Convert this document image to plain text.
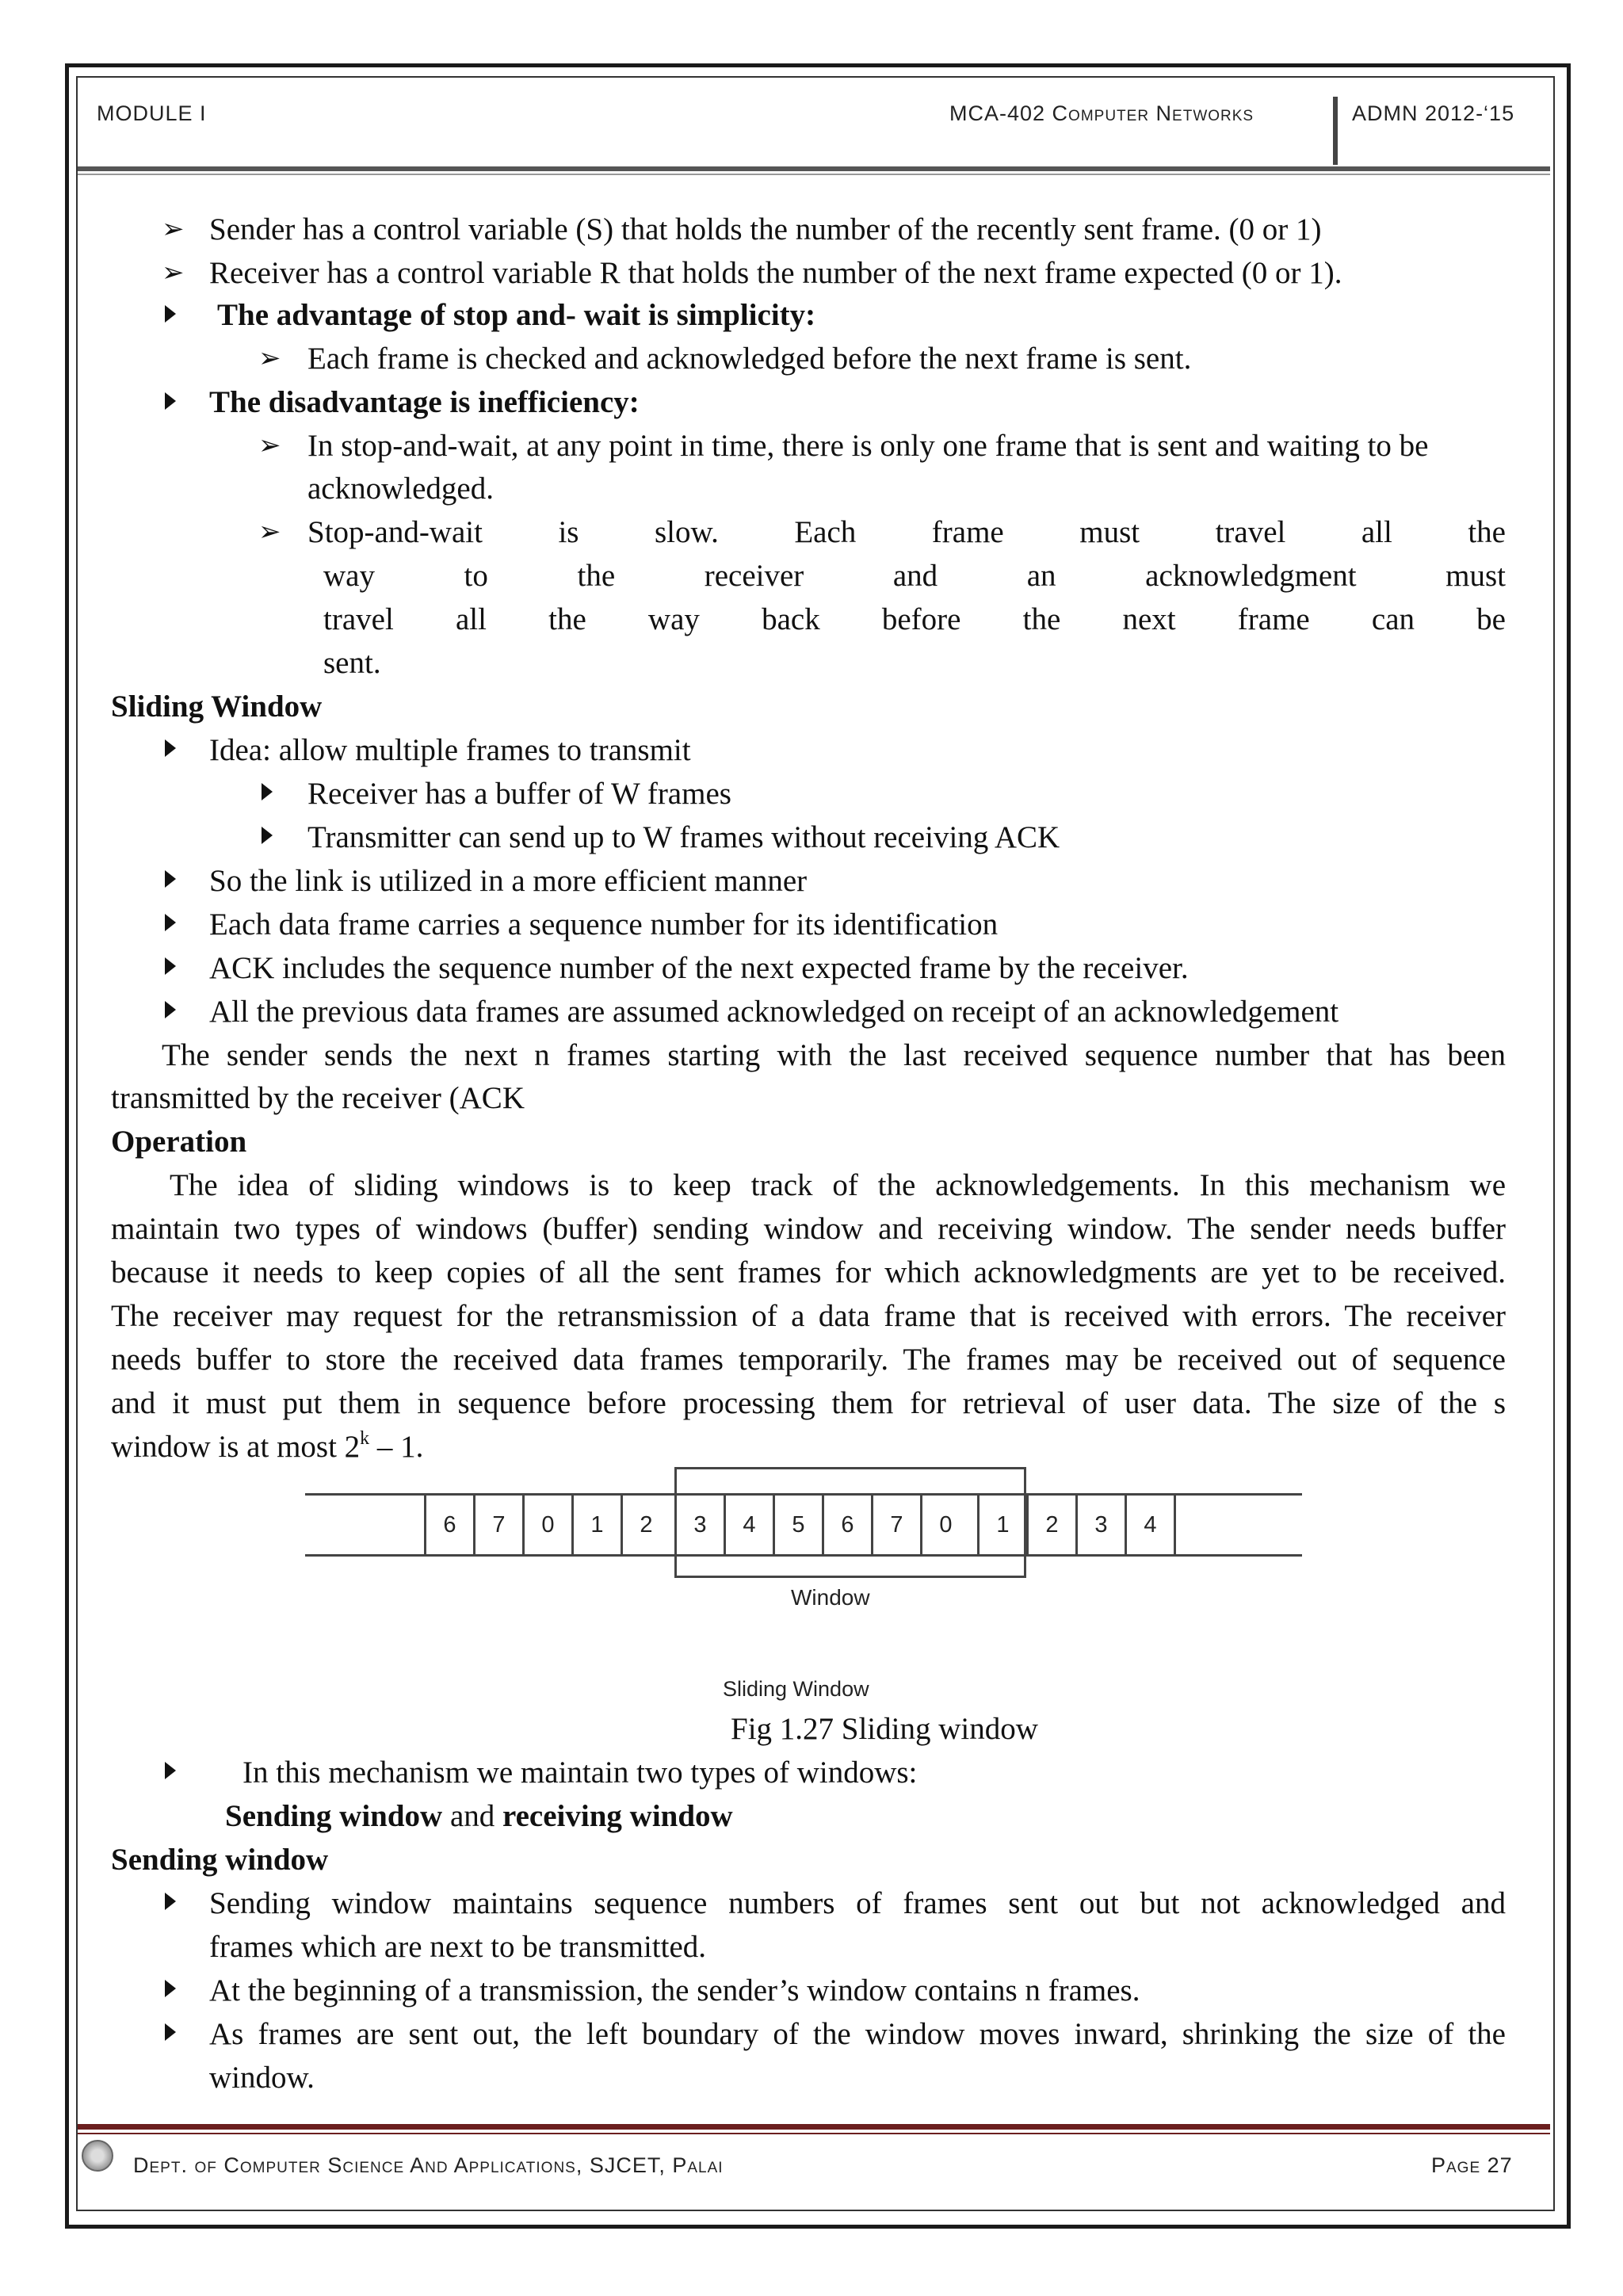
MODULE I	MCA-402 Computer Networks	ADMN 2012-‘15
➢ Sender has a control variable (S) that holds the number of the recently sent frame. (0 or 1)
➢ Receiver has a control variable R that holds the number of the next frame expected (0 or 1).
The advantage of stop and- wait is simplicity:
➢ Each frame is checked and acknowledged before the next frame is sent.
The disadvantage is inefficiency:
➢ In stop-and-wait, at any point in time, there is only one frame that is sent and waiting to be
acknowledged.
➢ Stop-and-wait is slow. Each frame must travel all the
way to the receiver and an acknowledgment must
travel all the way back before the next frame can be
sent.
Sliding Window
Idea: allow multiple frames to transmit
Receiver has a buffer of W frames
Transmitter can send up to W frames without receiving ACK
So the link is utilized in a more efficient manner
Each data frame carries a sequence number for its identification
ACK includes the sequence number of the next expected frame by the receiver.
All the previous data frames are assumed acknowledged on receipt of an acknowledgement
The sender sends the next n frames starting with the last received sequence number that has been
transmitted by the receiver (ACK
Operation
The idea of sliding windows is to keep track of the acknowledgements. In this mechanism we
maintain two types of windows (buffer) sending window and receiving window. The sender needs buffer
because it needs to keep copies of all the sent frames for which acknowledgments are yet to be received.
The receiver may request for the retransmission of a data frame that is received with errors. The receiver
needs buffer to store the received data frames temporarily. The frames may be received out of sequence
and it must put them in sequence before processing them for retrieval of user data. The size of the s
window is at most 2$^k$ – 1.
6	7	0	1	2	3	4	5	6	7	0	1	2	3	4
Window
Sliding Window
Fig 1.27 Sliding window
In this mechanism we maintain two types of windows:
Sending window and receiving window
Sending window
Sending window maintains sequence numbers of frames sent out but not acknowledged and
frames which are next to be transmitted.
At the beginning of a transmission, the sender’s window contains n frames.
As frames are sent out, the left boundary of the window moves inward, shrinking the size of the
window.
Dept. of Computer Science And Applications, SJCET, Palai	Page 27
